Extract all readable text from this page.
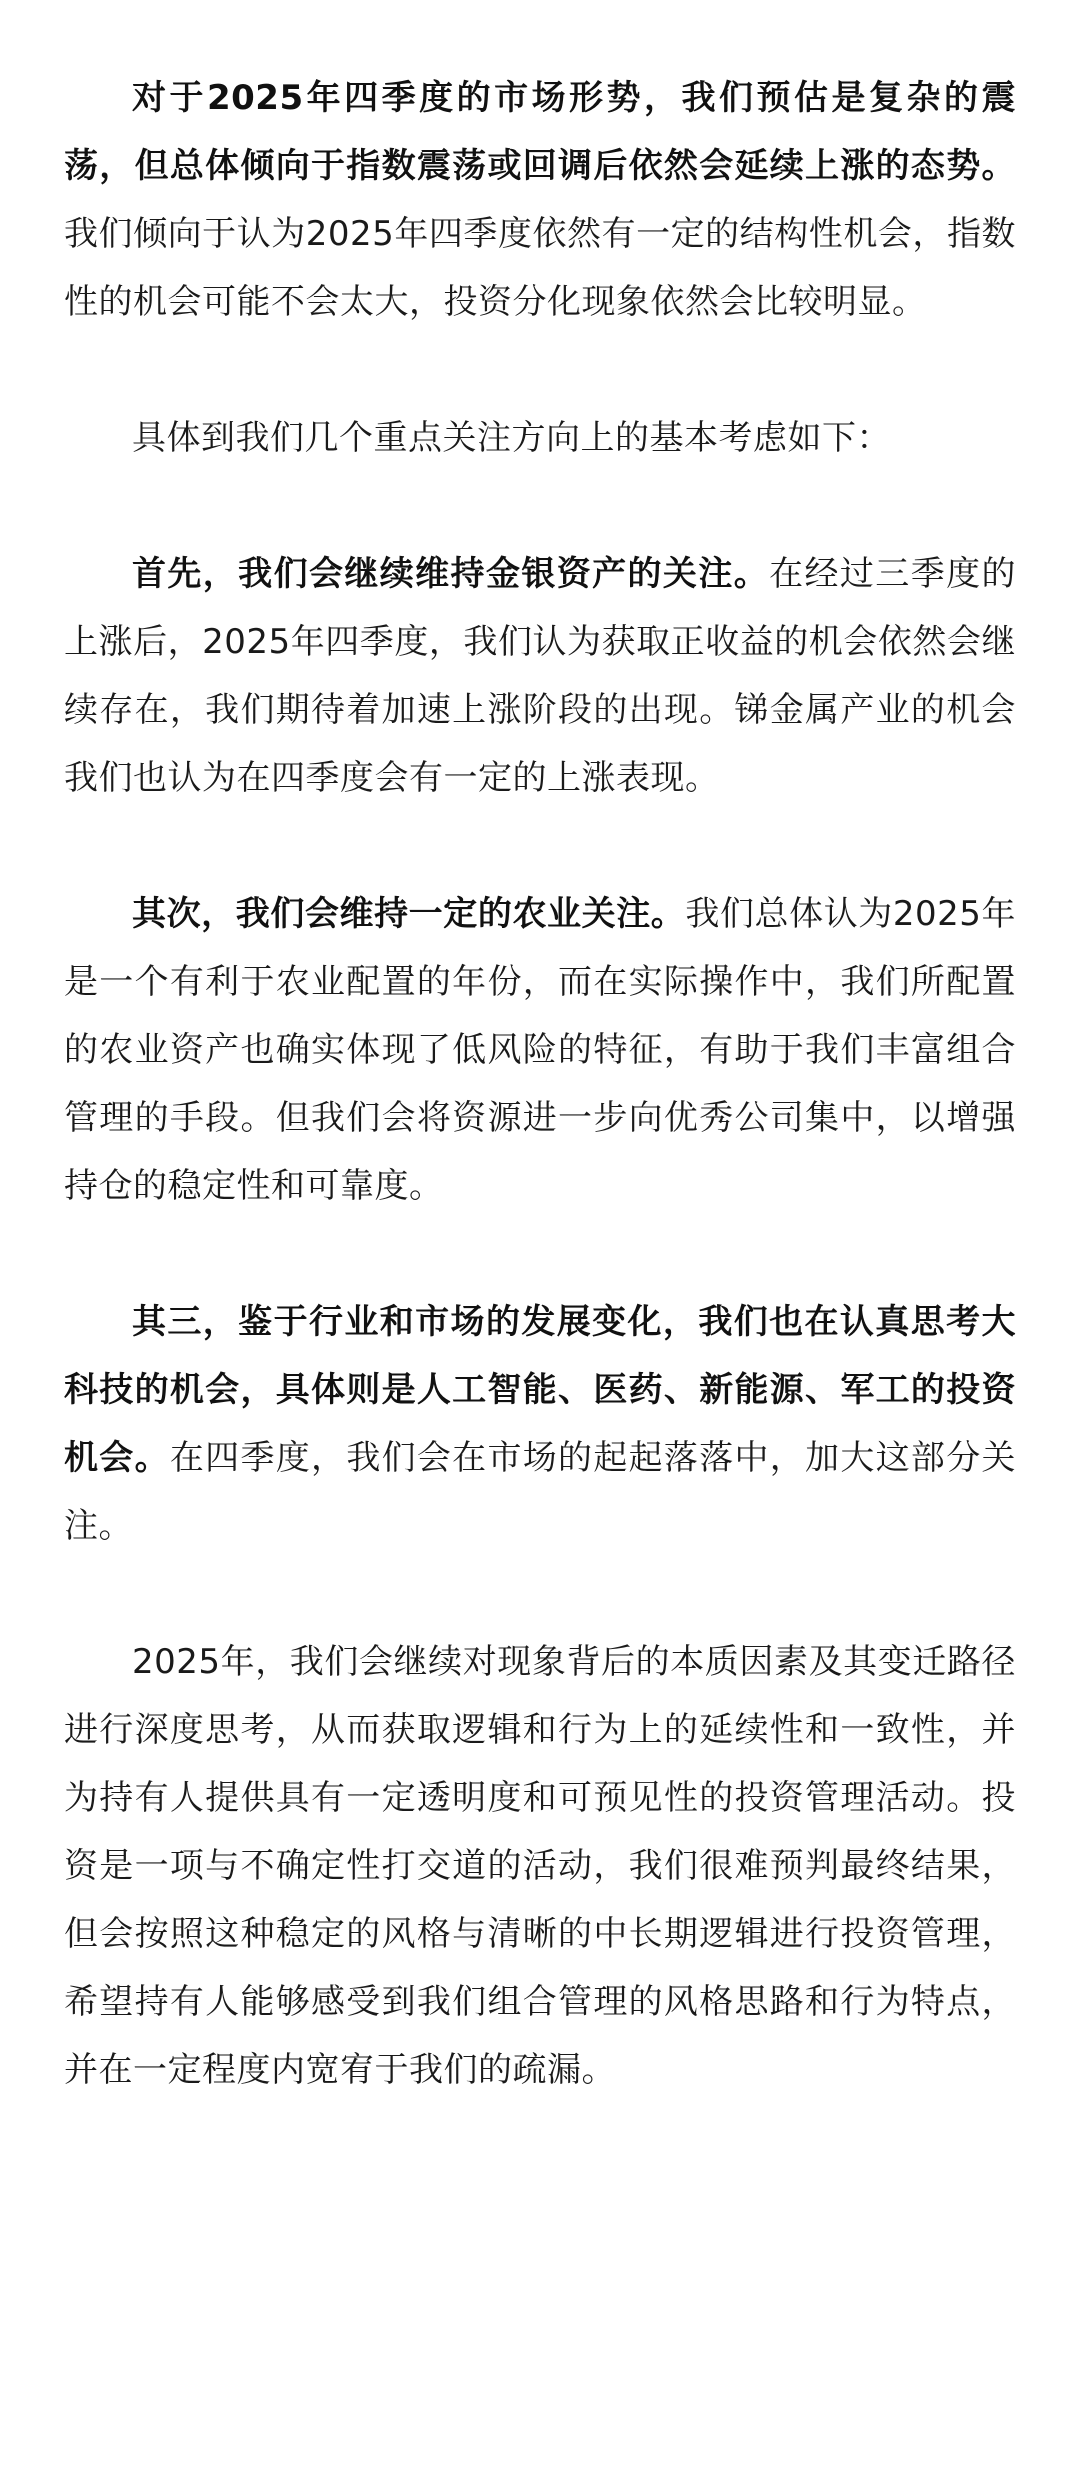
对于2025年四季度的市场形势，我们预估是复杂的震荡，但总体倾向于指数震荡或回调后依然会延续上涨的态势。我们倾向于认为2025年四季度依然有一定的结构性机会，指数性的机会可能不会太大，投资分化现象依然会比较明显。

具体到我们几个重点关注方向上的基本考虑如下：

首先，我们会继续维持金银资产的关注。在经过三季度的上涨后，2025年四季度，我们认为获取正收益的机会依然会继续存在，我们期待着加速上涨阶段的出现。锑金属产业的机会我们也认为在四季度会有一定的上涨表现。

其次，我们会维持一定的农业关注。我们总体认为2025年是一个有利于农业配置的年份，而在实际操作中，我们所配置的农业资产也确实体现了低风险的特征，有助于我们丰富组合管理的手段。但我们会将资源进一步向优秀公司集中，以增强持仓的稳定性和可靠度。

其三，鉴于行业和市场的发展变化，我们也在认真思考大科技的机会，具体则是人工智能、医药、新能源、军工的投资机会。在四季度，我们会在市场的起起落落中，加大这部分关注。

2025年，我们会继续对现象背后的本质因素及其变迁路径进行深度思考，从而获取逻辑和行为上的延续性和一致性，并为持有人提供具有一定透明度和可预见性的投资管理活动。投资是一项与不确定性打交道的活动，我们很难预判最终结果，但会按照这种稳定的风格与清晰的中长期逻辑进行投资管理，希望持有人能够感受到我们组合管理的风格思路和行为特点，并在一定程度内宽宥于我们的疏漏。
